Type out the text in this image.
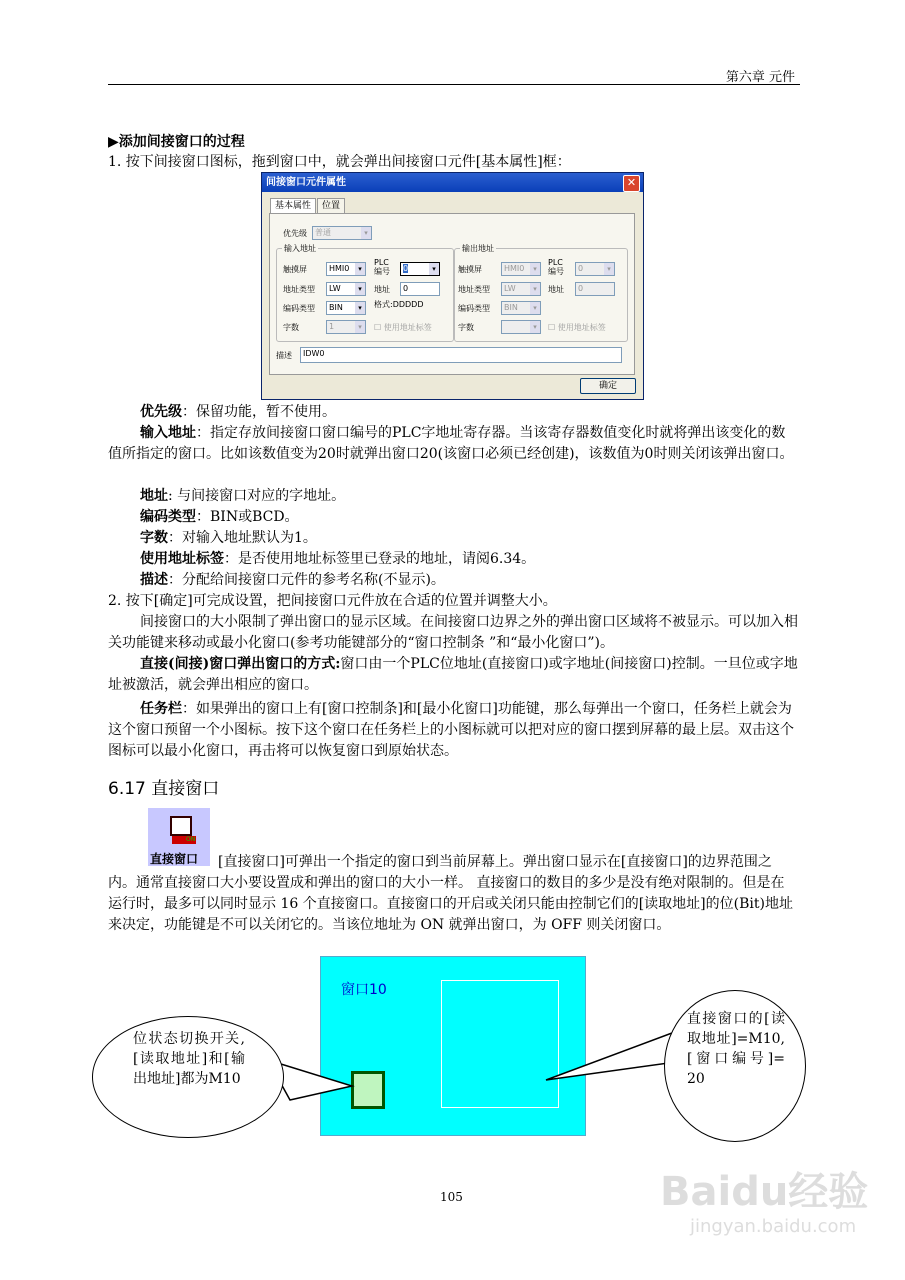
第六章 元件
▶添加间接窗口的过程
1. 按下间接窗口图标，拖到窗口中，就会弹出间接窗口元件[基本属性]框：
间接窗口元件属性	✕
基本属性	位置
优先级	普通	▾
输入地址
触摸屏	HMI0	▾
PLC
编号	0	▾
地址类型	LW	▾	地址	0
编码类型	BIN	▾	格式:DDDDD
字数	1	▾	☐ 使用地址标签
输出地址
触摸屏	HMI0	▾
PLC
编号	0	▾
地址类型	LW	▾	地址	0
编码类型	BIN	▾
字数	▾	☐ 使用地址标签
描述	IDW0
确定
优先级：保留功能，暂不使用。
输入地址：指定存放间接窗口窗口编号的PLC字地址寄存器。当该寄存器数值变化时就将弹出该变化的数值所指定的窗口。比如该数值变为20时就弹出窗口20(该窗口必须已经创建)，该数值为0时则关闭该弹出窗口。
地址: 与间接窗口对应的字地址。
编码类型：BIN或BCD。
字数：对输入地址默认为1。
使用地址标签：是否使用地址标签里已登录的地址，请阅6.34。
描述：分配给间接窗口元件的参考名称(不显示)。
2. 按下[确定]可完成设置，把间接窗口元件放在合适的位置并调整大小。
间接窗口的大小限制了弹出窗口的显示区域。在间接窗口边界之外的弹出窗口区域将不被显示。可以加入相关功能键来移动或最小化窗口(参考功能键部分的“窗口控制条 ”和“最小化窗口”)。
直接(间接)窗口弹出窗口的方式:窗口由一个PLC位地址(直接窗口)或字地址(间接窗口)控制。一旦位或字地址被激活，就会弹出相应的窗口。
任务栏：如果弹出的窗口上有[窗口控制条]和[最小化窗口]功能键，那么每弹出一个窗口，任务栏上就会为这个窗口预留一个小图标。按下这个窗口在任务栏上的小图标就可以把对应的窗口摆到屏幕的最上层。双击这个图标可以最小化窗口，再击将可以恢复窗口到原始状态。
6.17 直接窗口
ON
直接窗口	[直接窗口]可弹出一个指定的窗口到当前屏幕上。弹出窗口显示在[直接窗口]的边界范围之内。通常直接窗口大小要设置成和弹出的窗口的大小一样。 直接窗口的数目的多少是没有绝对限制的。但是在运行时，最多可以同时显示 16 个直接窗口。直接窗口的开启或关闭只能由控制它们的[读取地址]的位(Bit)地址来决定，功能键是不可以关闭它的。当该位地址为 ON 就弹出窗口，为 OFF 则关闭窗口。
窗口10
位状态切换开关,[读取地址]和[输出地址]都为M10
直接窗口的[读取地址]=M10, [窗口编号]= 20
105	Baidu经验
jingyan.baidu.com
